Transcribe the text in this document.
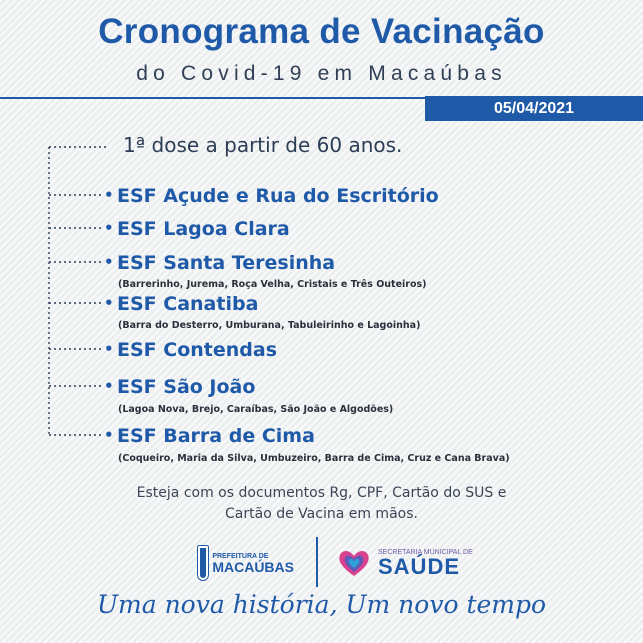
Cronograma de Vacinação
do Covid-19 em Macaúbas
05/04/2021
1ª dose a partir de 60 anos.
• ESF Açude e Rua do Escritório
• ESF Lagoa Clara
• ESF Santa Teresinha
(Barrerinho, Jurema, Roça Velha, Cristais e Três Outeiros)
• ESF Canatiba
(Barra do Desterro, Umburana, Tabuleirinho e Lagoinha)
• ESF Contendas
• ESF São João
(Lagoa Nova, Brejo, Caraíbas, São João e Algodões)
• ESF Barra de Cima
(Coqueiro, Maria da Silva, Umbuzeiro, Barra de Cima, Cruz e Cana Brava)
Esteja com os documentos Rg, CPF, Cartão do SUS e
Cartão de Vacina em mãos.
PREFEITURA DE
MACAÚBAS
SECRETARIA MUNICIPAL DE
SAÚDE
Uma nova história, Um novo tempo
